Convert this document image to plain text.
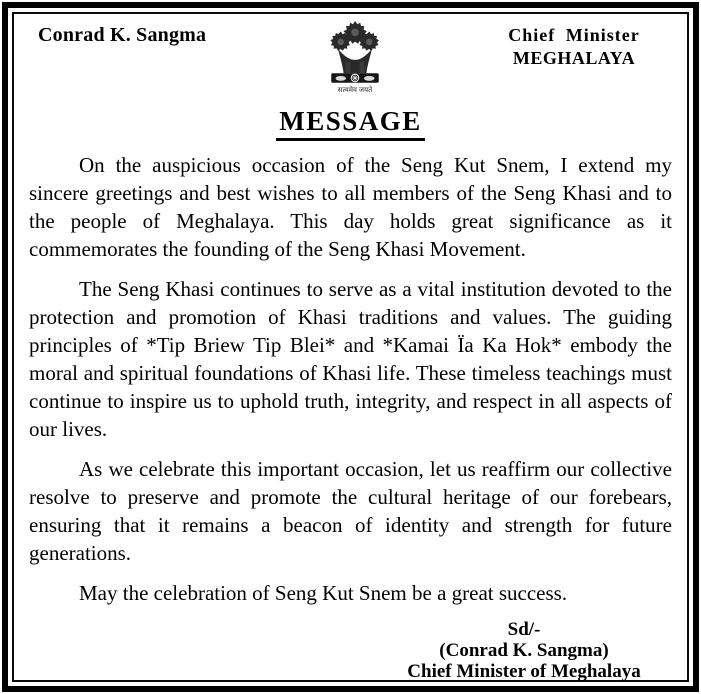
Conrad K. Sangma
सत्यमेव जयते
Chief Minister
MEGHALAYA
MESSAGE

On the auspicious occasion of the Seng Kut Snem, I extend my sincere greetings and best wishes to all members of the Seng Khasi and to the people of Meghalaya. This day holds great significance as it commemorates the founding of the Seng Khasi Movement.

The Seng Khasi continues to serve as a vital institution devoted to the protection and promotion of Khasi traditions and values. The guiding principles of *Tip Briew Tip Blei* and *Kamai Ïa Ka Hok* embody the moral and spiritual foundations of Khasi life. These timeless teachings must continue to inspire us to uphold truth, integrity, and respect in all aspects of our lives.

As we celebrate this important occasion, let us reaffirm our collective resolve to preserve and promote the cultural heritage of our forebears, ensuring that it remains a beacon of identity and strength for future generations.

May the celebration of Seng Kut Snem be a great success.

Sd/-
(Conrad K. Sangma)
Chief Minister of Meghalaya
